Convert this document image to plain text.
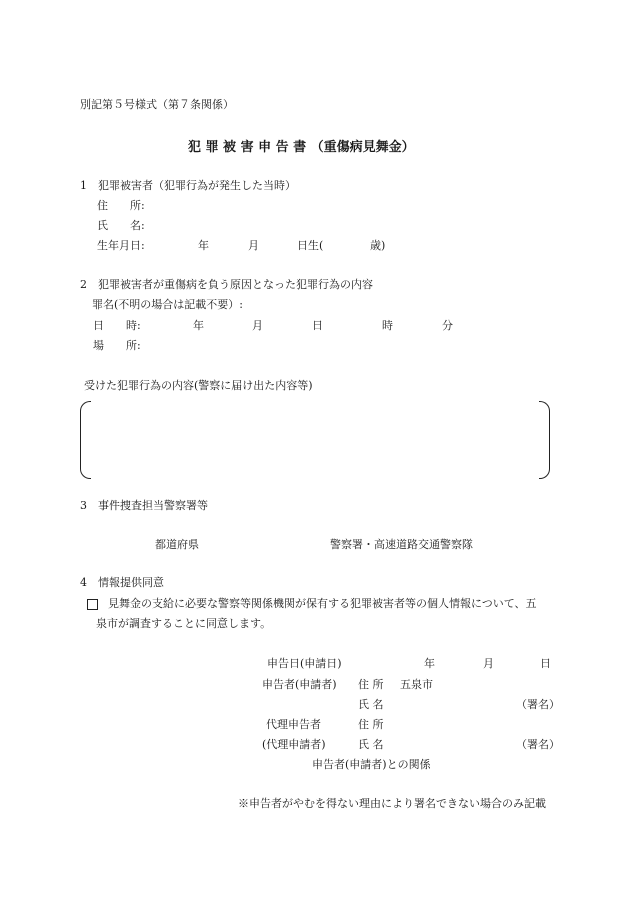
別記第５号様式（第７条関係）
犯 罪 被 害 申 告 書 （重傷病見舞金）
1　犯罪被害者（犯罪行為が発生した当時）
住　　所:
氏　　名:
生年月日:	年	月	日生(	歳)
2　犯罪被害者が重傷病を負う原因となった犯罪行為の内容
罪名(不明の場合は記載不要）:
日　　時:	年	月	日	時	分
場　　所:
受けた犯罪行為の内容(警察に届け出た内容等)
3　事件捜査担当警察署等
都道府県	警察署・高速道路交通警察隊
4　情報提供同意
見舞金の支給に必要な警察等関係機関が保有する犯罪被害者等の個人情報について、五
泉市が調査することに同意します。
申告日(申請日)	年	月	日
申告者(申請者) 住 所 五泉市
氏 名	（署名）
代理申告者	住 所
(代理申請者)	氏 名	（署名）
申告者(申請者)との関係
※申告者がやむを得ない理由により署名できない場合のみ記載
